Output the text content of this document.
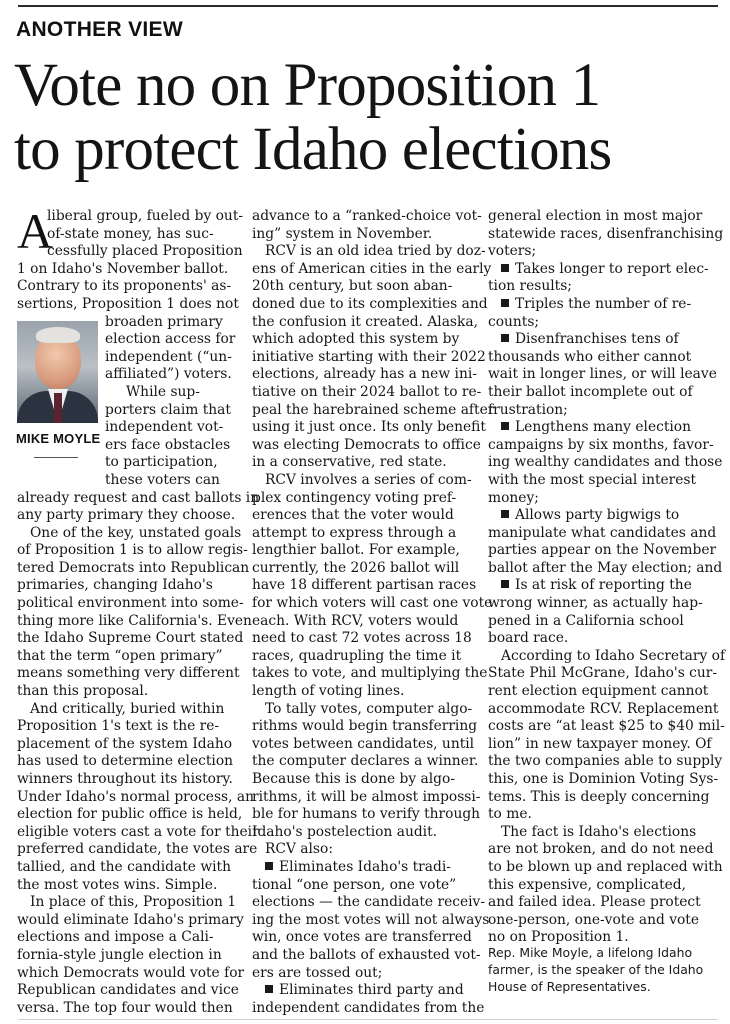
ANOTHER VIEW
Vote no on Proposition 1
to protect Idaho elections
A
MIKE MOYLE
liberal group, fueled by out-
of-state money, has suc-
cessfully placed Proposition
1 on Idaho's November ballot.
Contrary to its proponents' as-
sertions, Proposition 1 does not
broaden primary
election access for
independent (“un-
affiliated”) voters.
While sup-
porters claim that
independent vot-
ers face obstacles
to participation,
these voters can
already request and cast ballots in
any party primary they choose.
One of the key, unstated goals
of Proposition 1 is to allow regis-
tered Democrats into Republican
primaries, changing Idaho's
political environment into some-
thing more like California's. Even
the Idaho Supreme Court stated
that the term “open primary”
means something very different
than this proposal.
And critically, buried within
Proposition 1's text is the re-
placement of the system Idaho
has used to determine election
winners throughout its history.
Under Idaho's normal process, an
election for public office is held,
eligible voters cast a vote for their
preferred candidate, the votes are
tallied, and the candidate with
the most votes wins. Simple.
In place of this, Proposition 1
would eliminate Idaho's primary
elections and impose a Cali-
fornia-style jungle election in
which Democrats would vote for
Republican candidates and vice
versa. The top four would then
advance to a “ranked-choice vot-
ing” system in November.
RCV is an old idea tried by doz-
ens of American cities in the early
20th century, but soon aban-
doned due to its complexities and
the confusion it created. Alaska,
which adopted this system by
initiative starting with their 2022
elections, already has a new ini-
tiative on their 2024 ballot to re-
peal the harebrained scheme after
using it just once. Its only benefit
was electing Democrats to office
in a conservative, red state.
RCV involves a series of com-
plex contingency voting pref-
erences that the voter would
attempt to express through a
lengthier ballot. For example,
currently, the 2026 ballot will
have 18 different partisan races
for which voters will cast one vote
each. With RCV, voters would
need to cast 72 votes across 18
races, quadrupling the time it
takes to vote, and multiplying the
length of voting lines.
To tally votes, computer algo-
rithms would begin transferring
votes between candidates, until
the computer declares a winner.
Because this is done by algo-
rithms, it will be almost impossi-
ble for humans to verify through
Idaho's postelection audit.
RCV also:
Eliminates Idaho's tradi-
tional “one person, one vote”
elections — the candidate receiv-
ing the most votes will not always
win, once votes are transferred
and the ballots of exhausted vot-
ers are tossed out;
Eliminates third party and
independent candidates from the
general election in most major
statewide races, disenfranchising
voters;
Takes longer to report elec-
tion results;
Triples the number of re-
counts;
Disenfranchises tens of
thousands who either cannot
wait in longer lines, or will leave
their ballot incomplete out of
frustration;
Lengthens many election
campaigns by six months, favor-
ing wealthy candidates and those
with the most special interest
money;
Allows party bigwigs to
manipulate what candidates and
parties appear on the November
ballot after the May election; and
Is at risk of reporting the
wrong winner, as actually hap-
pened in a California school
board race.
According to Idaho Secretary of
State Phil McGrane, Idaho's cur-
rent election equipment cannot
accommodate RCV. Replacement
costs are “at least $25 to $40 mil-
lion” in new taxpayer money. Of
the two companies able to supply
this, one is Dominion Voting Sys-
tems. This is deeply concerning
to me.
The fact is Idaho's elections
are not broken, and do not need
to be blown up and replaced with
this expensive, complicated,
and failed idea. Please protect
one-person, one-vote and vote
no on Proposition 1.
Rep. Mike Moyle, a lifelong Idaho
farmer, is the speaker of the Idaho
House of Representatives.
